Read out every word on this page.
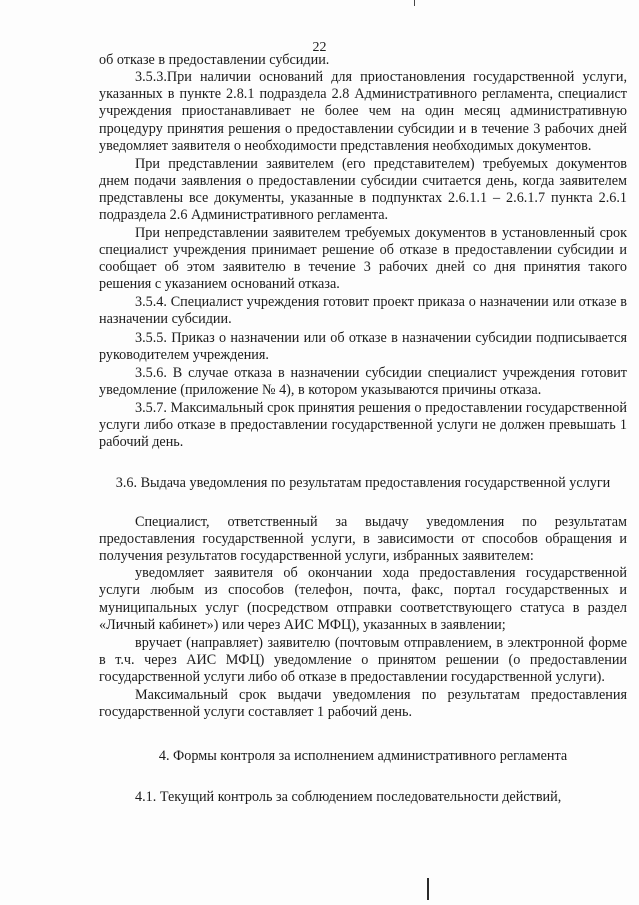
22

об отказе в предоставлении субсидии.

3.5.3.При наличии оснований для приостановления государственной услуги, указанных в пункте 2.8.1 подраздела 2.8 Административного регламента, специалист учреждения приостанавливает не более чем на один месяц административную процедуру принятия решения о предоставлении субсидии и в течение 3 рабочих дней уведомляет заявителя о необходимости представления необходимых документов.

При представлении заявителем (его представителем) требуемых документов днем подачи заявления о предоставлении субсидии считается день, когда заявителем представлены все документы, указанные в подпунктах 2.6.1.1 – 2.6.1.7 пункта 2.6.1 подраздела 2.6 Административного регламента.

При непредставлении заявителем требуемых документов в установленный срок специалист учреждения принимает решение об отказе в предоставлении субсидии и сообщает об этом заявителю в течение 3 рабочих дней со дня принятия такого решения с указанием оснований отказа.

3.5.4. Специалист учреждения готовит проект приказа о назначении или отказе в назначении субсидии.

3.5.5. Приказ о назначении или об отказе в назначении субсидии подписывается руководителем учреждения.

3.5.6. В случае отказа в назначении субсидии специалист учреждения готовит уведомление (приложение № 4), в котором указываются причины отказа.

3.5.7. Максимальный срок принятия решения о предоставлении государственной услуги либо отказе в предоставлении государственной услуги не должен превышать 1 рабочий день.

3.6. Выдача уведомления по результатам предоставления государственной услуги

Специалист, ответственный за выдачу уведомления по результатам предоставления государственной услуги, в зависимости от способов обращения и получения результатов государственной услуги, избранных заявителем:

уведомляет заявителя об окончании хода предоставления государственной услуги любым из способов (телефон, почта, факс, портал государственных и муниципальных услуг (посредством отправки соответствующего статуса в раздел «Личный кабинет») или через АИС МФЦ), указанных в заявлении;

вручает (направляет) заявителю (почтовым отправлением, в электронной форме в т.ч. через АИС МФЦ) уведомление о принятом решении (о предоставлении государственной услуги либо об отказе в предоставлении государственной услуги).

Максимальный срок выдачи уведомления по результатам предоставления государственной услуги составляет 1 рабочий день.

4. Формы контроля за исполнением административного регламента

4.1. Текущий контроль за соблюдением последовательности действий,
